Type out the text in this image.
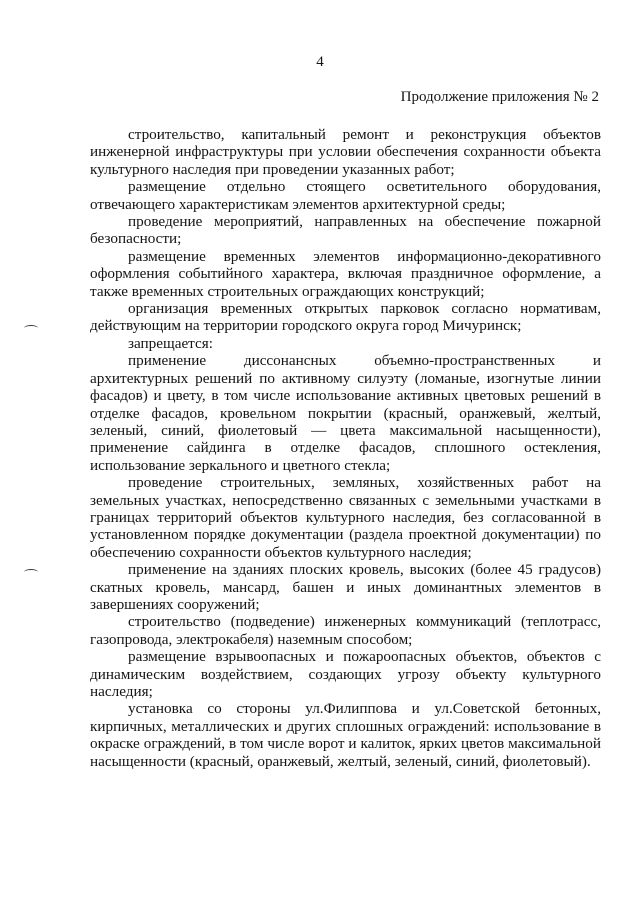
4
Продолжение приложения № 2

строительство, капитальный ремонт и реконструкция объектов инженерной инфраструктуры при условии обеспечения сохранности объекта культурного наследия при проведении указанных работ;

размещение отдельно стоящего осветительного оборудования, отвечающего характеристикам элементов архитектурной среды;

проведение мероприятий, направленных на обеспечение пожарной безопасности;

размещение временных элементов информационно-декоративного оформления событийного характера, включая праздничное оформление, а также временных строительных ограждающих конструкций;

организация временных открытых парковок согласно нормативам, действующим на территории городского округа город Мичуринск;

запрещается:

применение диссонансных объемно-пространственных и архитектурных решений по активному силуэту (ломаные, изогнутые линии фасадов) и цвету, в том числе использование активных цветовых решений в отделке фасадов, кровельном покрытии (красный, оранжевый, желтый, зеленый, синий, фиолетовый — цвета максимальной насыщенности), применение сайдинга в отделке фасадов, сплошного остекления, использование зеркального и цветного стекла;

проведение строительных, земляных, хозяйственных работ на земельных участках, непосредственно связанных с земельными участками в границах территорий объектов культурного наследия, без согласованной в установленном порядке документации (раздела проектной документации) по обеспечению сохранности объектов культурного наследия;

применение на зданиях плоских кровель, высоких (более 45 градусов) скатных кровель, мансард, башен и иных доминантных элементов в завершениях сооружений;

строительство (подведение) инженерных коммуникаций (теплотрасс, газопровода, электрокабеля) наземным способом;

размещение взрывоопасных и пожароопасных объектов, объектов с динамическим воздействием, создающих угрозу объекту культурного наследия;

установка со стороны ул.Филиппова и ул.Советской бетонных, кирпичных, металлических и других сплошных ограждений: использование в окраске ограждений, в том числе ворот и калиток, ярких цветов максимальной насыщенности (красный, оранжевый, желтый, зеленый, синий, фиолетовый).
